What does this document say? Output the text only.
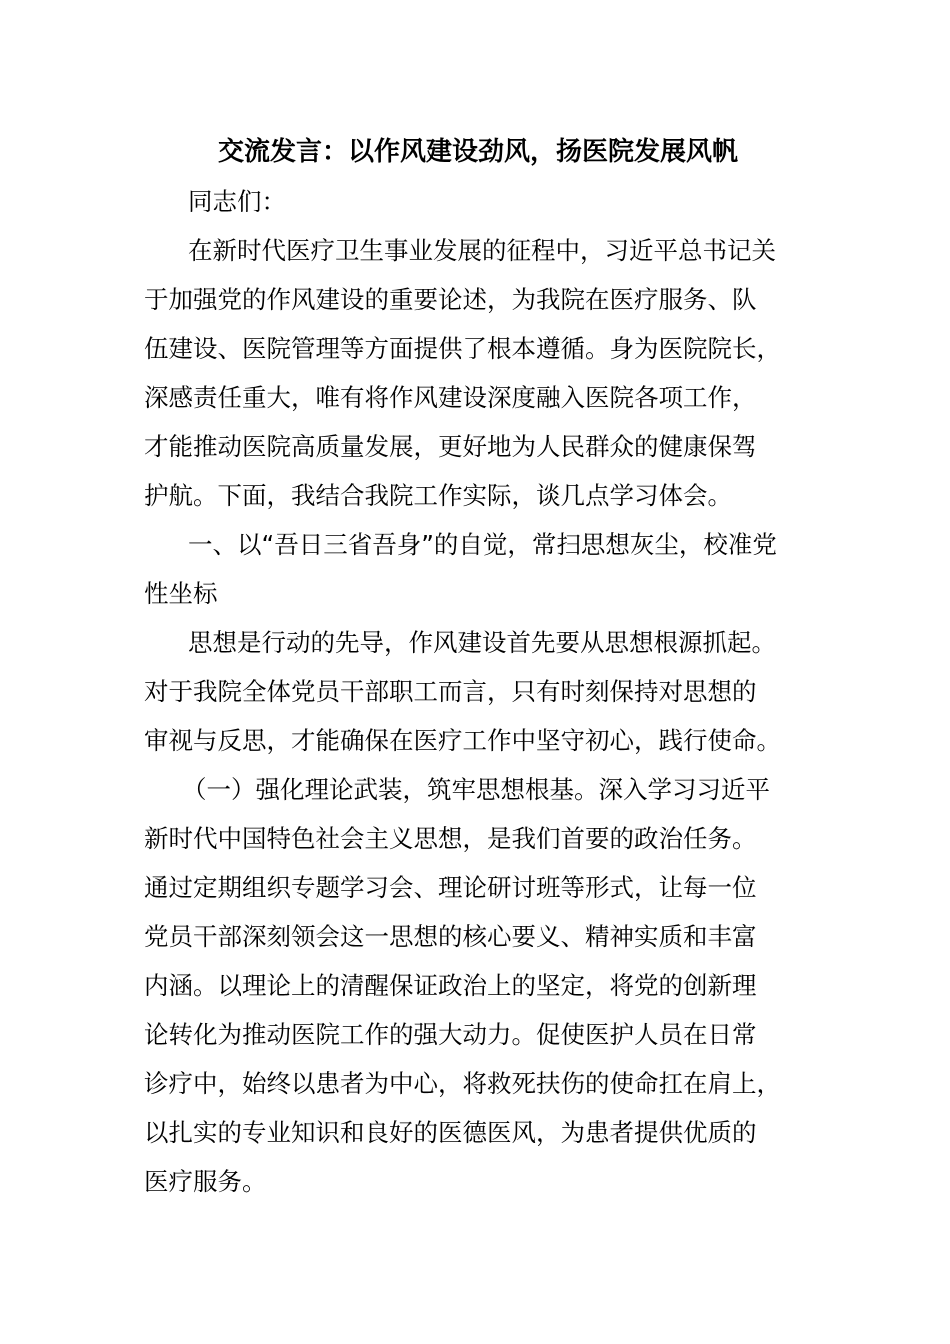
交流发言：以作风建设劲风，扬医院发展风帆

同志们：

在新时代医疗卫生事业发展的征程中，习近平总书记关
于加强党的作风建设的重要论述，为我院在医疗服务、队
伍建设、医院管理等方面提供了根本遵循。身为医院院长，
深感责任重大，唯有将作风建设深度融入医院各项工作，
才能推动医院高质量发展，更好地为人民群众的健康保驾
护航。下面，我结合我院工作实际，谈几点学习体会。

一、以“吾日三省吾身”的自觉，常扫思想灰尘，校准党
性坐标

思想是行动的先导，作风建设首先要从思想根源抓起。
对于我院全体党员干部职工而言，只有时刻保持对思想的
审视与反思，才能确保在医疗工作中坚守初心，践行使命。

（一）强化理论武装，筑牢思想根基。深入学习习近平
新时代中国特色社会主义思想，是我们首要的政治任务。
通过定期组织专题学习会、理论研讨班等形式，让每一位
党员干部深刻领会这一思想的核心要义、精神实质和丰富
内涵。以理论上的清醒保证政治上的坚定，将党的创新理
论转化为推动医院工作的强大动力。促使医护人员在日常
诊疗中，始终以患者为中心，将救死扶伤的使命扛在肩上，
以扎实的专业知识和良好的医德医风，为患者提供优质的
医疗服务。
